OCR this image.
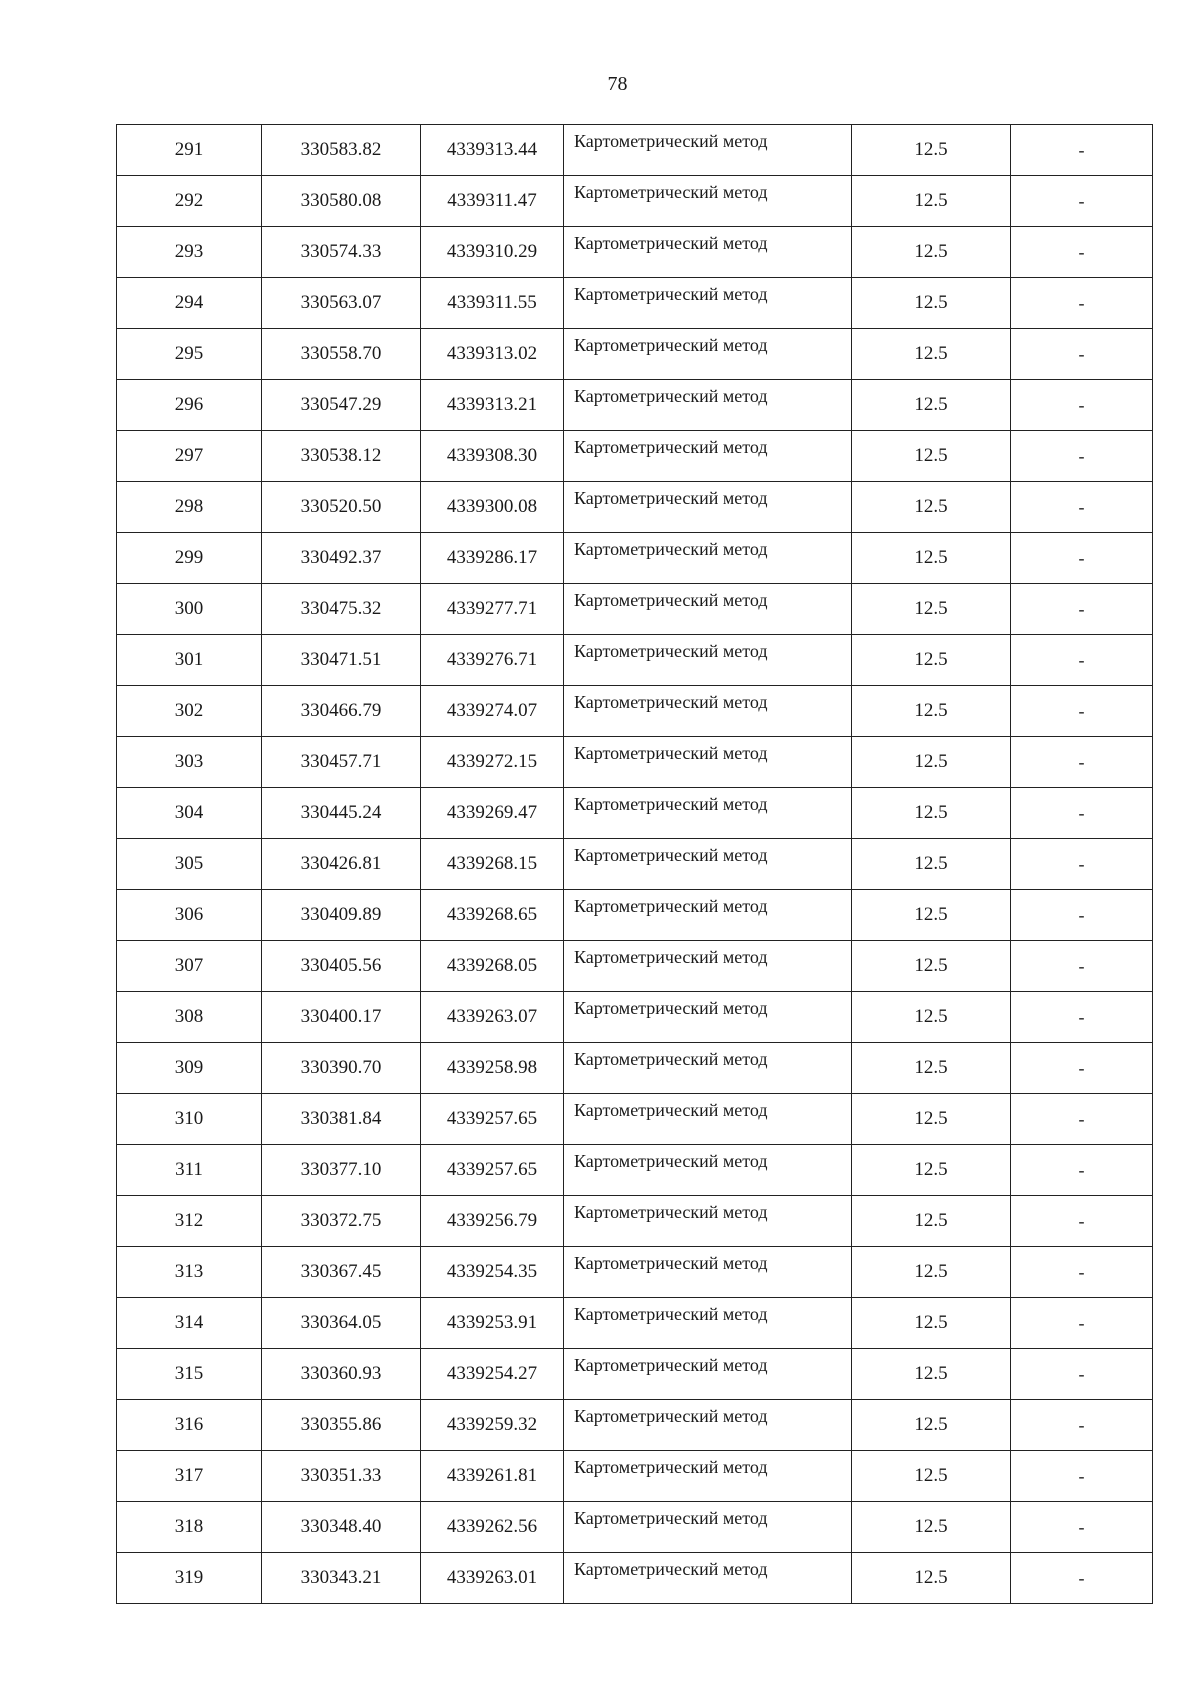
78
291	330583.82	4339313.44	Картометрический метод	12.5	-
292	330580.08	4339311.47	Картометрический метод	12.5	-
293	330574.33	4339310.29	Картометрический метод	12.5	-
294	330563.07	4339311.55	Картометрический метод	12.5	-
295	330558.70	4339313.02	Картометрический метод	12.5	-
296	330547.29	4339313.21	Картометрический метод	12.5	-
297	330538.12	4339308.30	Картометрический метод	12.5	-
298	330520.50	4339300.08	Картометрический метод	12.5	-
299	330492.37	4339286.17	Картометрический метод	12.5	-
300	330475.32	4339277.71	Картометрический метод	12.5	-
301	330471.51	4339276.71	Картометрический метод	12.5	-
302	330466.79	4339274.07	Картометрический метод	12.5	-
303	330457.71	4339272.15	Картометрический метод	12.5	-
304	330445.24	4339269.47	Картометрический метод	12.5	-
305	330426.81	4339268.15	Картометрический метод	12.5	-
306	330409.89	4339268.65	Картометрический метод	12.5	-
307	330405.56	4339268.05	Картометрический метод	12.5	-
308	330400.17	4339263.07	Картометрический метод	12.5	-
309	330390.70	4339258.98	Картометрический метод	12.5	-
310	330381.84	4339257.65	Картометрический метод	12.5	-
311	330377.10	4339257.65	Картометрический метод	12.5	-
312	330372.75	4339256.79	Картометрический метод	12.5	-
313	330367.45	4339254.35	Картометрический метод	12.5	-
314	330364.05	4339253.91	Картометрический метод	12.5	-
315	330360.93	4339254.27	Картометрический метод	12.5	-
316	330355.86	4339259.32	Картометрический метод	12.5	-
317	330351.33	4339261.81	Картометрический метод	12.5	-
318	330348.40	4339262.56	Картометрический метод	12.5	-
319	330343.21	4339263.01	Картометрический метод	12.5	-
